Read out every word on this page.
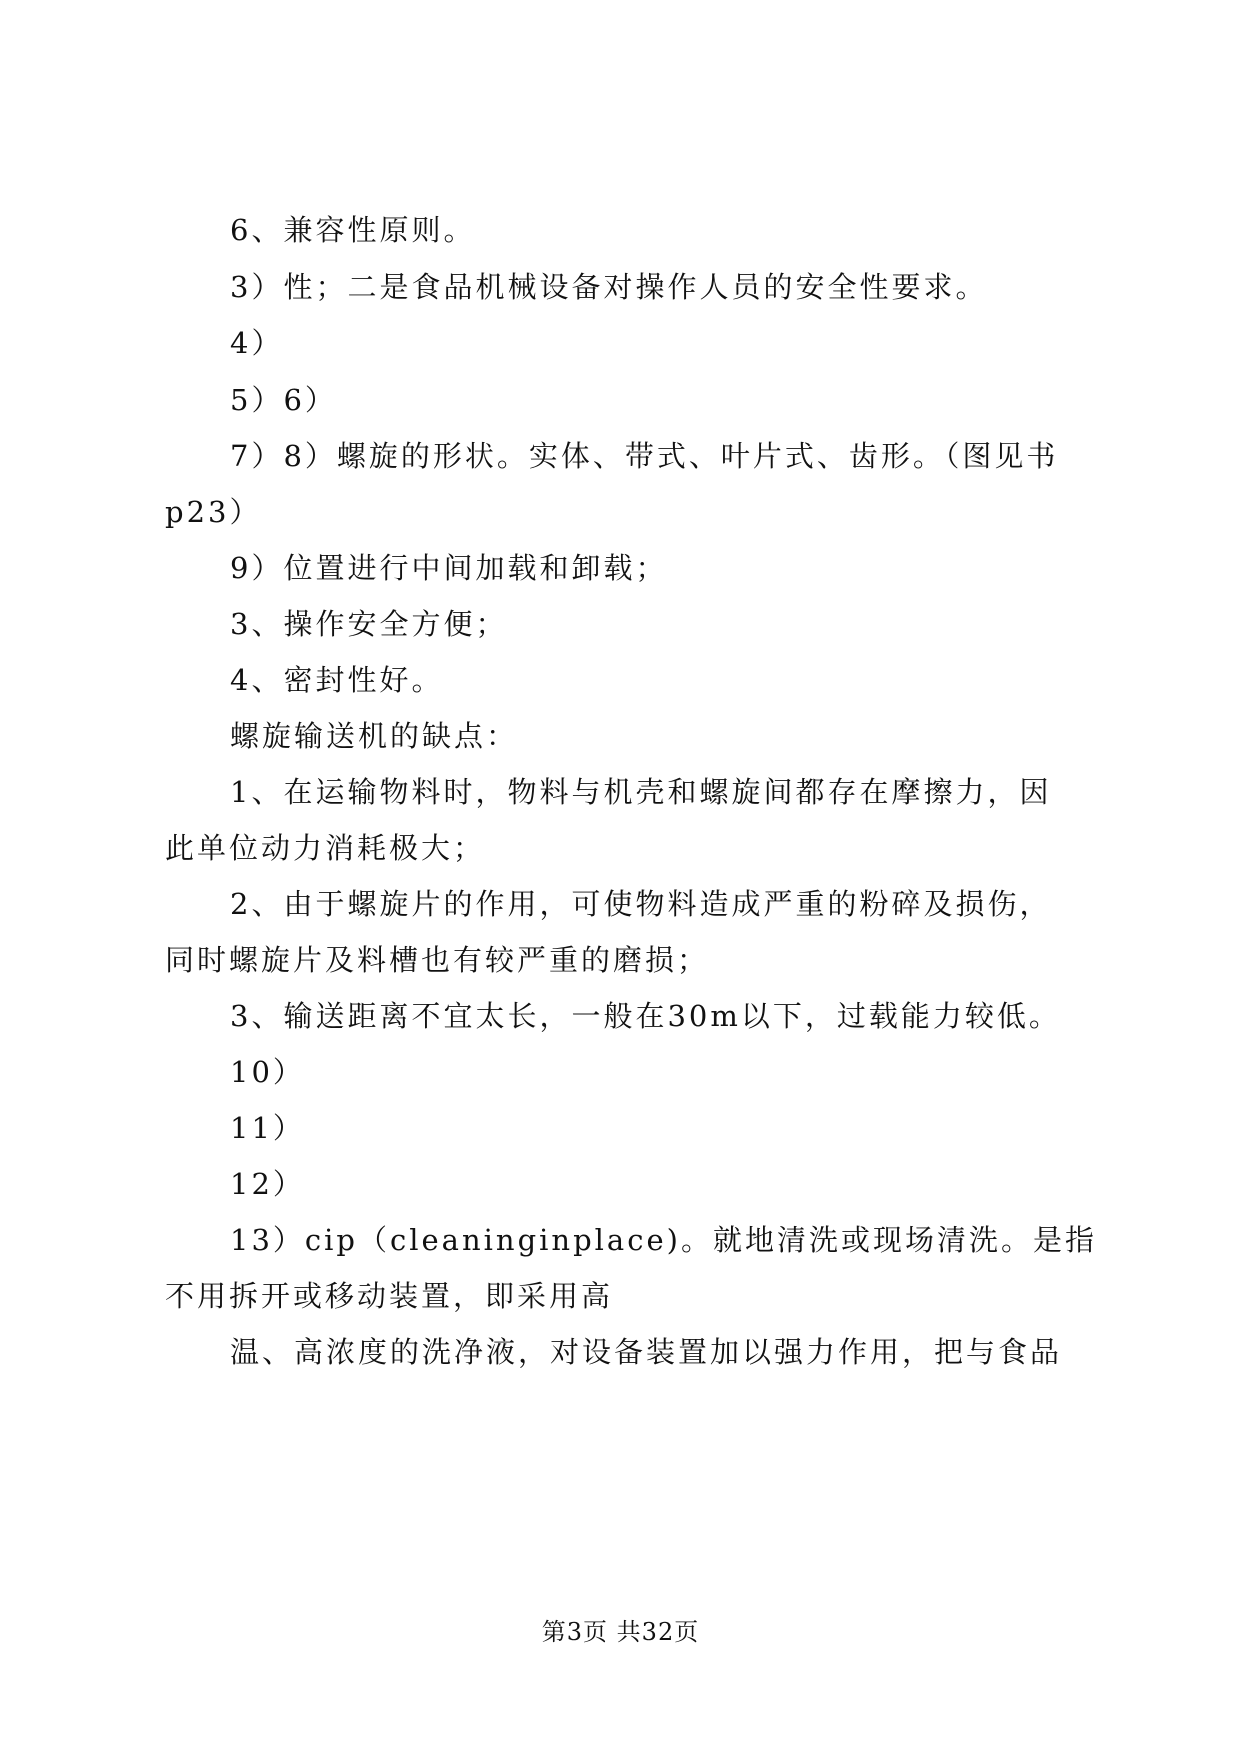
6、兼容性原则。

3）性；二是食品机械设备对操作人员的安全性要求。

4）

5）6）

7）8）螺旋的形状。实体、带式、叶片式、齿形。（图见书

p23）

9）位置进行中间加载和卸载；

3、操作安全方便；

4、密封性好。

螺旋输送机的缺点：

1、在运输物料时，物料与机壳和螺旋间都存在摩擦力，因

此单位动力消耗极大；

2、由于螺旋片的作用，可使物料造成严重的粉碎及损伤，

同时螺旋片及料槽也有较严重的磨损；

3、输送距离不宜太长，一般在30m以下，过载能力较低。

10）

11）

12）

13）cip（cleaninginplace)。就地清洗或现场清洗。是指

不用拆开或移动装置，即采用高

温、高浓度的洗净液，对设备装置加以强力作用，把与食品

第3页 共32页
